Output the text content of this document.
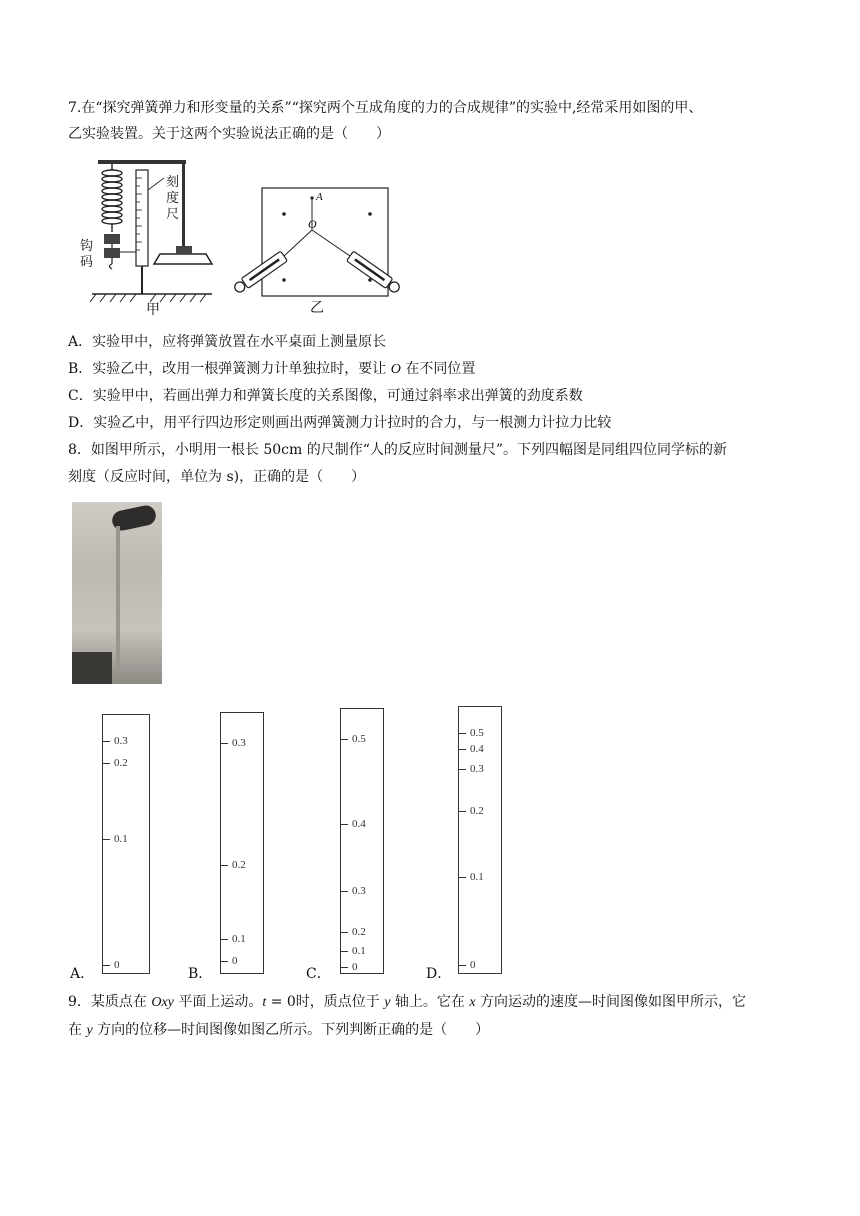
7.在“探究弹簧弹力和形变量的关系”“探究两个互成角度的力的合成规律”的实验中,经常采用如图的甲、
乙实验装置。关于这两个实验说法正确的是（　　）
刻
度
尺
钩
码
甲
A
O
乙
A．实验甲中，应将弹簧放置在水平桌面上测量原长
B．实验乙中，改用一根弹簧测力计单独拉时，要让 O 在不同位置
C．实验甲中，若画出弹力和弹簧长度的关系图像，可通过斜率求出弹簧的劲度系数
D．实验乙中，用平行四边形定则画出两弹簧测力计拉时的合力，与一根测力计拉力比较
8．如图甲所示，小明用一根长 50cm 的尺制作“人的反应时间测量尺”。下列四幅图是同组四位同学标的新
刻度（反应时间，单位为 s)，正确的是（　　）
0.3
0.2
0.1
0
A．
0.3
0.2
0.1
0
B．
0.5
0.4
0.3
0.2
0.1
0
C．
0.5
0.4
0.3
0.2
0.1
0
D．
9．某质点在 Oxy 平面上运动。t = 0时，质点位于 y 轴上。它在 x 方向运动的速度—时间图像如图甲所示，它
在 y 方向的位移—时间图像如图乙所示。下列判断正确的是（　　）
